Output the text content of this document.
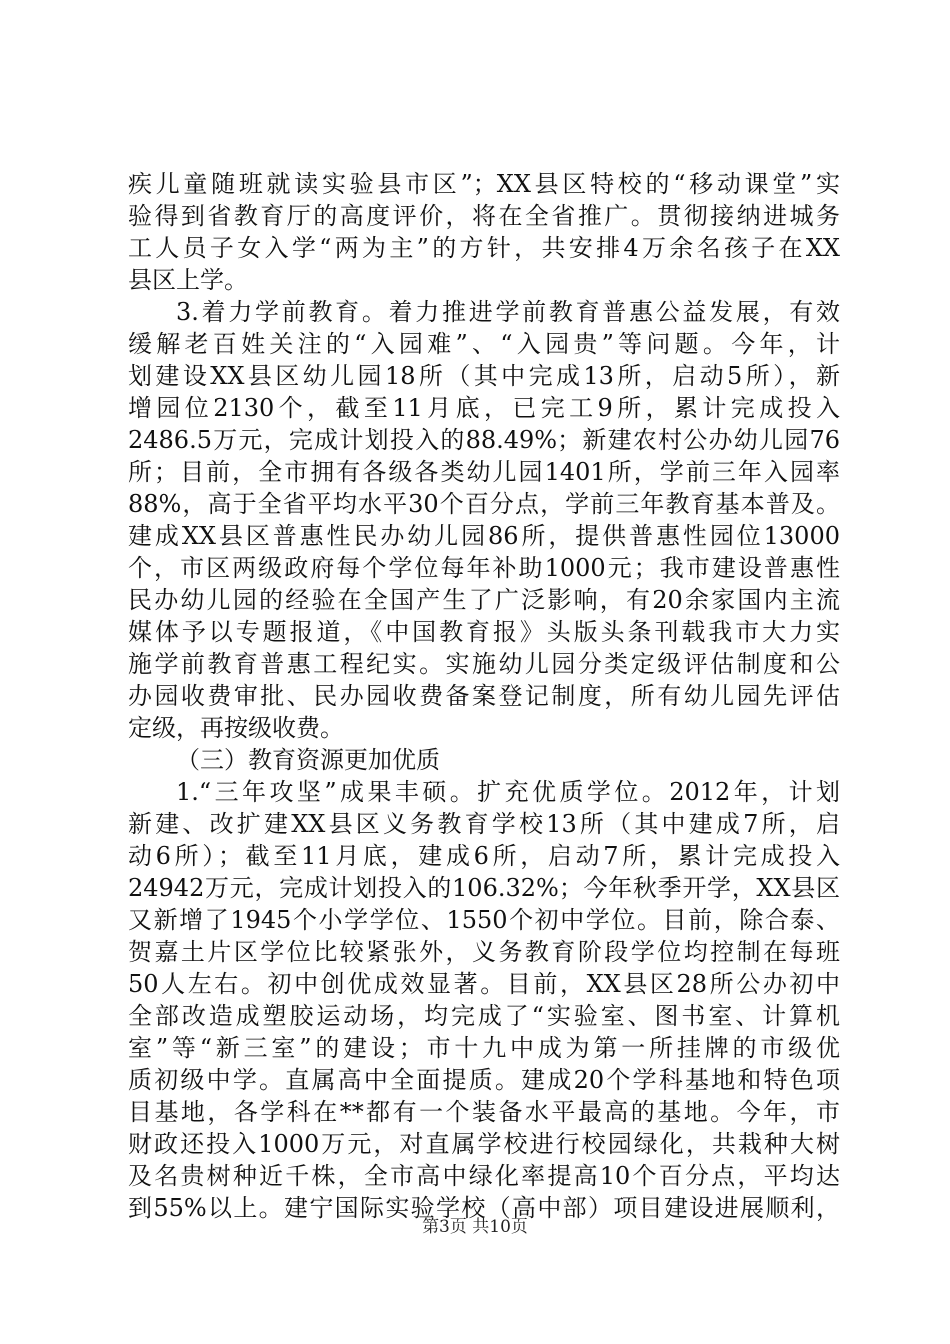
疾儿童随班就读实验县市区”；XX县区特校的“移动课堂”实
验得到省教育厅的高度评价，将在全省推广。贯彻接纳进城务
工人员子女入学“两为主”的方针，共安排4万余名孩子在XX
县区上学。
3.着力学前教育。着力推进学前教育普惠公益发展，有效
缓解老百姓关注的“入园难”、“入园贵”等问题。今年，计
划建设XX县区幼儿园18所（其中完成13所，启动5所），新
增园位2130个，截至11月底，已完工9所，累计完成投入
2486.5万元，完成计划投入的88.49%；新建农村公办幼儿园76
所；目前，全市拥有各级各类幼儿园1401所，学前三年入园率
88%，高于全省平均水平30个百分点，学前三年教育基本普及。
建成XX县区普惠性民办幼儿园86所，提供普惠性园位13000
个，市区两级政府每个学位每年补助1000元；我市建设普惠性
民办幼儿园的经验在全国产生了广泛影响，有20余家国内主流
媒体予以专题报道，《中国教育报》头版头条刊载我市大力实
施学前教育普惠工程纪实。实施幼儿园分类定级评估制度和公
办园收费审批、民办园收费备案登记制度，所有幼儿园先评估
定级，再按级收费。
（三）教育资源更加优质
1.“三年攻坚”成果丰硕。扩充优质学位。2012年，计划
新建、改扩建XX县区义务教育学校13所（其中建成7所，启
动6所）；截至11月底，建成6所，启动7所，累计完成投入
24942万元，完成计划投入的106.32%；今年秋季开学，XX县区
又新增了1945个小学学位、1550个初中学位。目前，除合泰、
贺嘉土片区学位比较紧张外，义务教育阶段学位均控制在每班
50人左右。初中创优成效显著。目前，XX县区28所公办初中
全部改造成塑胶运动场，均完成了“实验室、图书室、计算机
室”等“新三室”的建设；市十九中成为第一所挂牌的市级优
质初级中学。直属高中全面提质。建成20个学科基地和特色项
目基地，各学科在**都有一个装备水平最高的基地。今年，市
财政还投入1000万元，对直属学校进行校园绿化，共栽种大树
及名贵树种近千株，全市高中绿化率提高10个百分点，平均达
到55%以上。建宁国际实验学校（高中部）项目建设进展顺利，
第3页 共10页
